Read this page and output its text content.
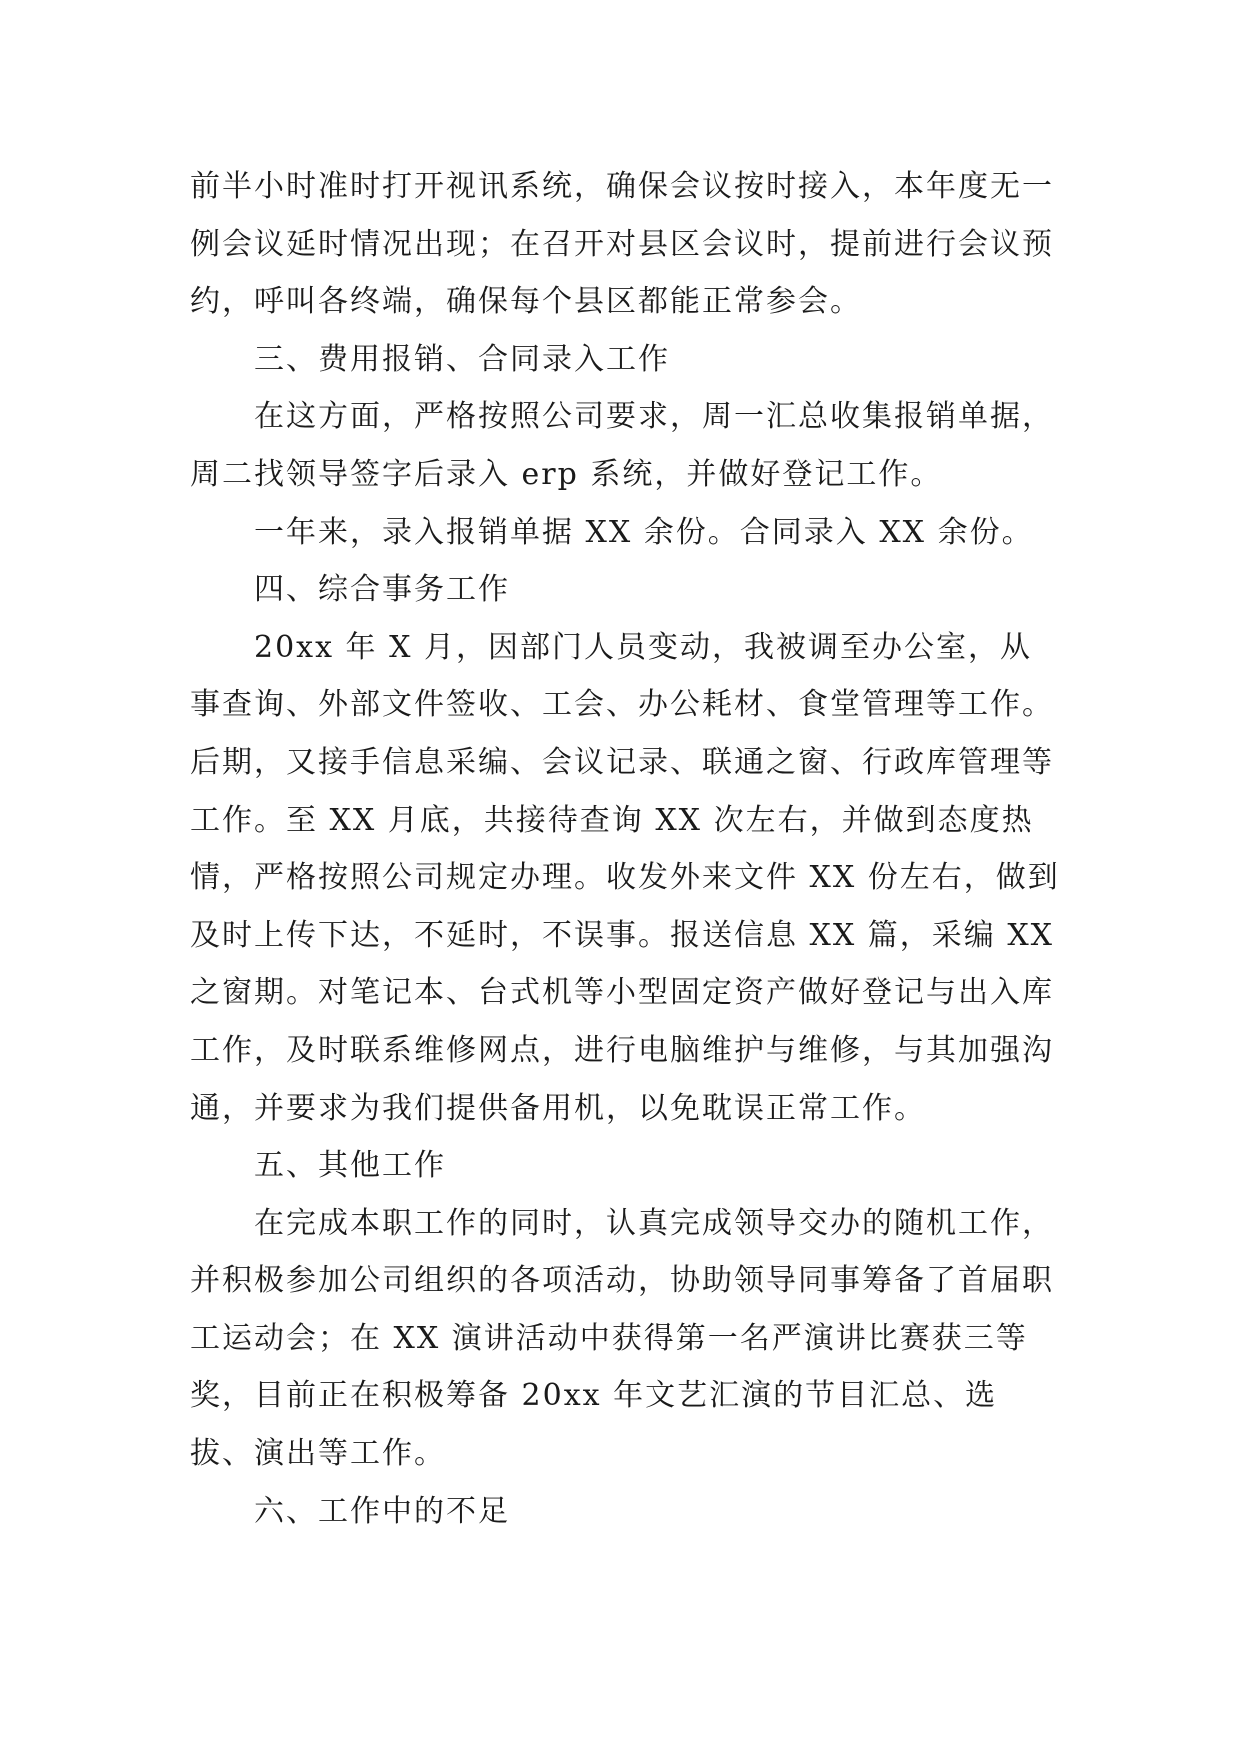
前半小时准时打开视讯系统，确保会议按时接入，本年度无一例会议延时情况出现；在召开对县区会议时，提前进行会议预约，呼叫各终端，确保每个县区都能正常参会。

三、费用报销、合同录入工作

在这方面，严格按照公司要求，周一汇总收集报销单据，周二找领导签字后录入 erp 系统，并做好登记工作。

一年来，录入报销单据 XX 余份。合同录入 XX 余份。

四、综合事务工作

20xx 年 X 月，因部门人员变动，我被调至办公室，从事查询、外部文件签收、工会、办公耗材、食堂管理等工作。后期，又接手信息采编、会议记录、联通之窗、行政库管理等工作。至 XX 月底，共接待查询 XX 次左右，并做到态度热情，严格按照公司规定办理。收发外来文件 XX 份左右，做到及时上传下达，不延时，不误事。报送信息 XX 篇，采编 XX 之窗期。对笔记本、台式机等小型固定资产做好登记与出入库工作，及时联系维修网点，进行电脑维护与维修，与其加强沟通，并要求为我们提供备用机，以免耽误正常工作。

五、其他工作

在完成本职工作的同时，认真完成领导交办的随机工作，并积极参加公司组织的各项活动，协助领导同事筹备了首届职工运动会；在 XX 演讲活动中获得第一名严演讲比赛获三等奖，目前正在积极筹备 20xx 年文艺汇演的节目汇总、选拔、演出等工作。

六、工作中的不足
